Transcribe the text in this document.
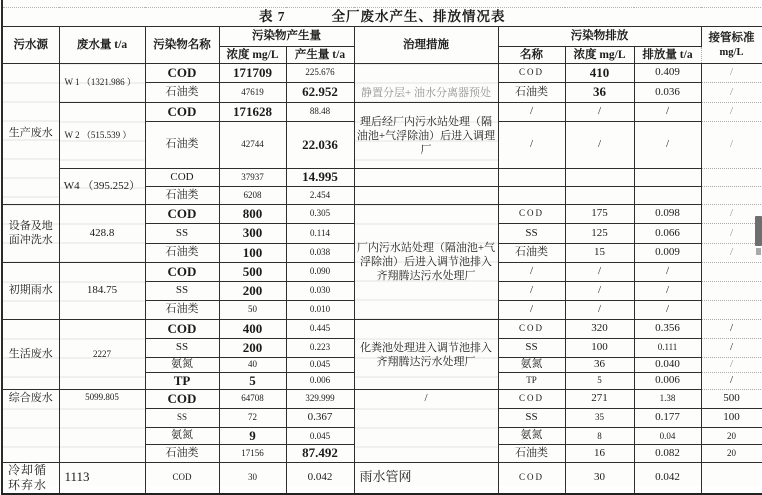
表 7 全厂废水产生、排放情况表									
污水源	废水量 t/a	污染物名称	污染物产生量		治理措施	污染物排放			接管标准
mg/L

			浓度 mg/L	产生量 t/a		名称	浓度 mg/L	排放量 t/a	
生产废水	W 1 （1321.986 ）	COD	171709	225.676	静置分层+ 油水分离器预处	COD	410	0.409	/
		石油类	47619	62.952		石油类	36	0.036	/
	W 2 （515.539 ）	COD	171628	88.48	理后经厂内污水站处理（隔油池+气浮除油）后进入调理厂	/	/	/	/
		石油类	42744	22.036		/	/	/	/
	W4 （395.252）	COD	37937	14.995					
		石油类	6208	2.454					
设备及地面冲洗水	428.8	COD	800	0.305	厂内污水站处理（隔油池+气浮除油）后进入调节池排入齐翔腾达污水处理厂	COD	175	0.098	/
		SS	300	0.114		SS	125	0.066	/
		石油类	100	0.038		石油类	15	0.009	/
初期雨水	184.75	COD	500	0.090		/	/	/	
		SS	200	0.030		/	/	/	
		石油类	50	0.010		/	/	/	
生活废水	2227	COD	400	0.445	化粪池处理进入调节池排入齐翔腾达污水处理厂	COD	320	0.356	/
		SS	200	0.223		SS	100	0.111	/
		氨氮	40	0.045		氨氮	36	0.040	/
		TP	5	0.006		TP	5	0.006	/
综合废水	5099.805	COD	64708	329.999	/	COD	271	1.38	500
		SS	72	0.367		SS	35	0.177	100
		氨氮	9	0.045		氨氮	8	0.04	20
		石油类	17156	87.492		石油类	16	0.082	20
冷却循环弃水	1113	COD	30	0.042	雨水管网	COD	30	0.042	
